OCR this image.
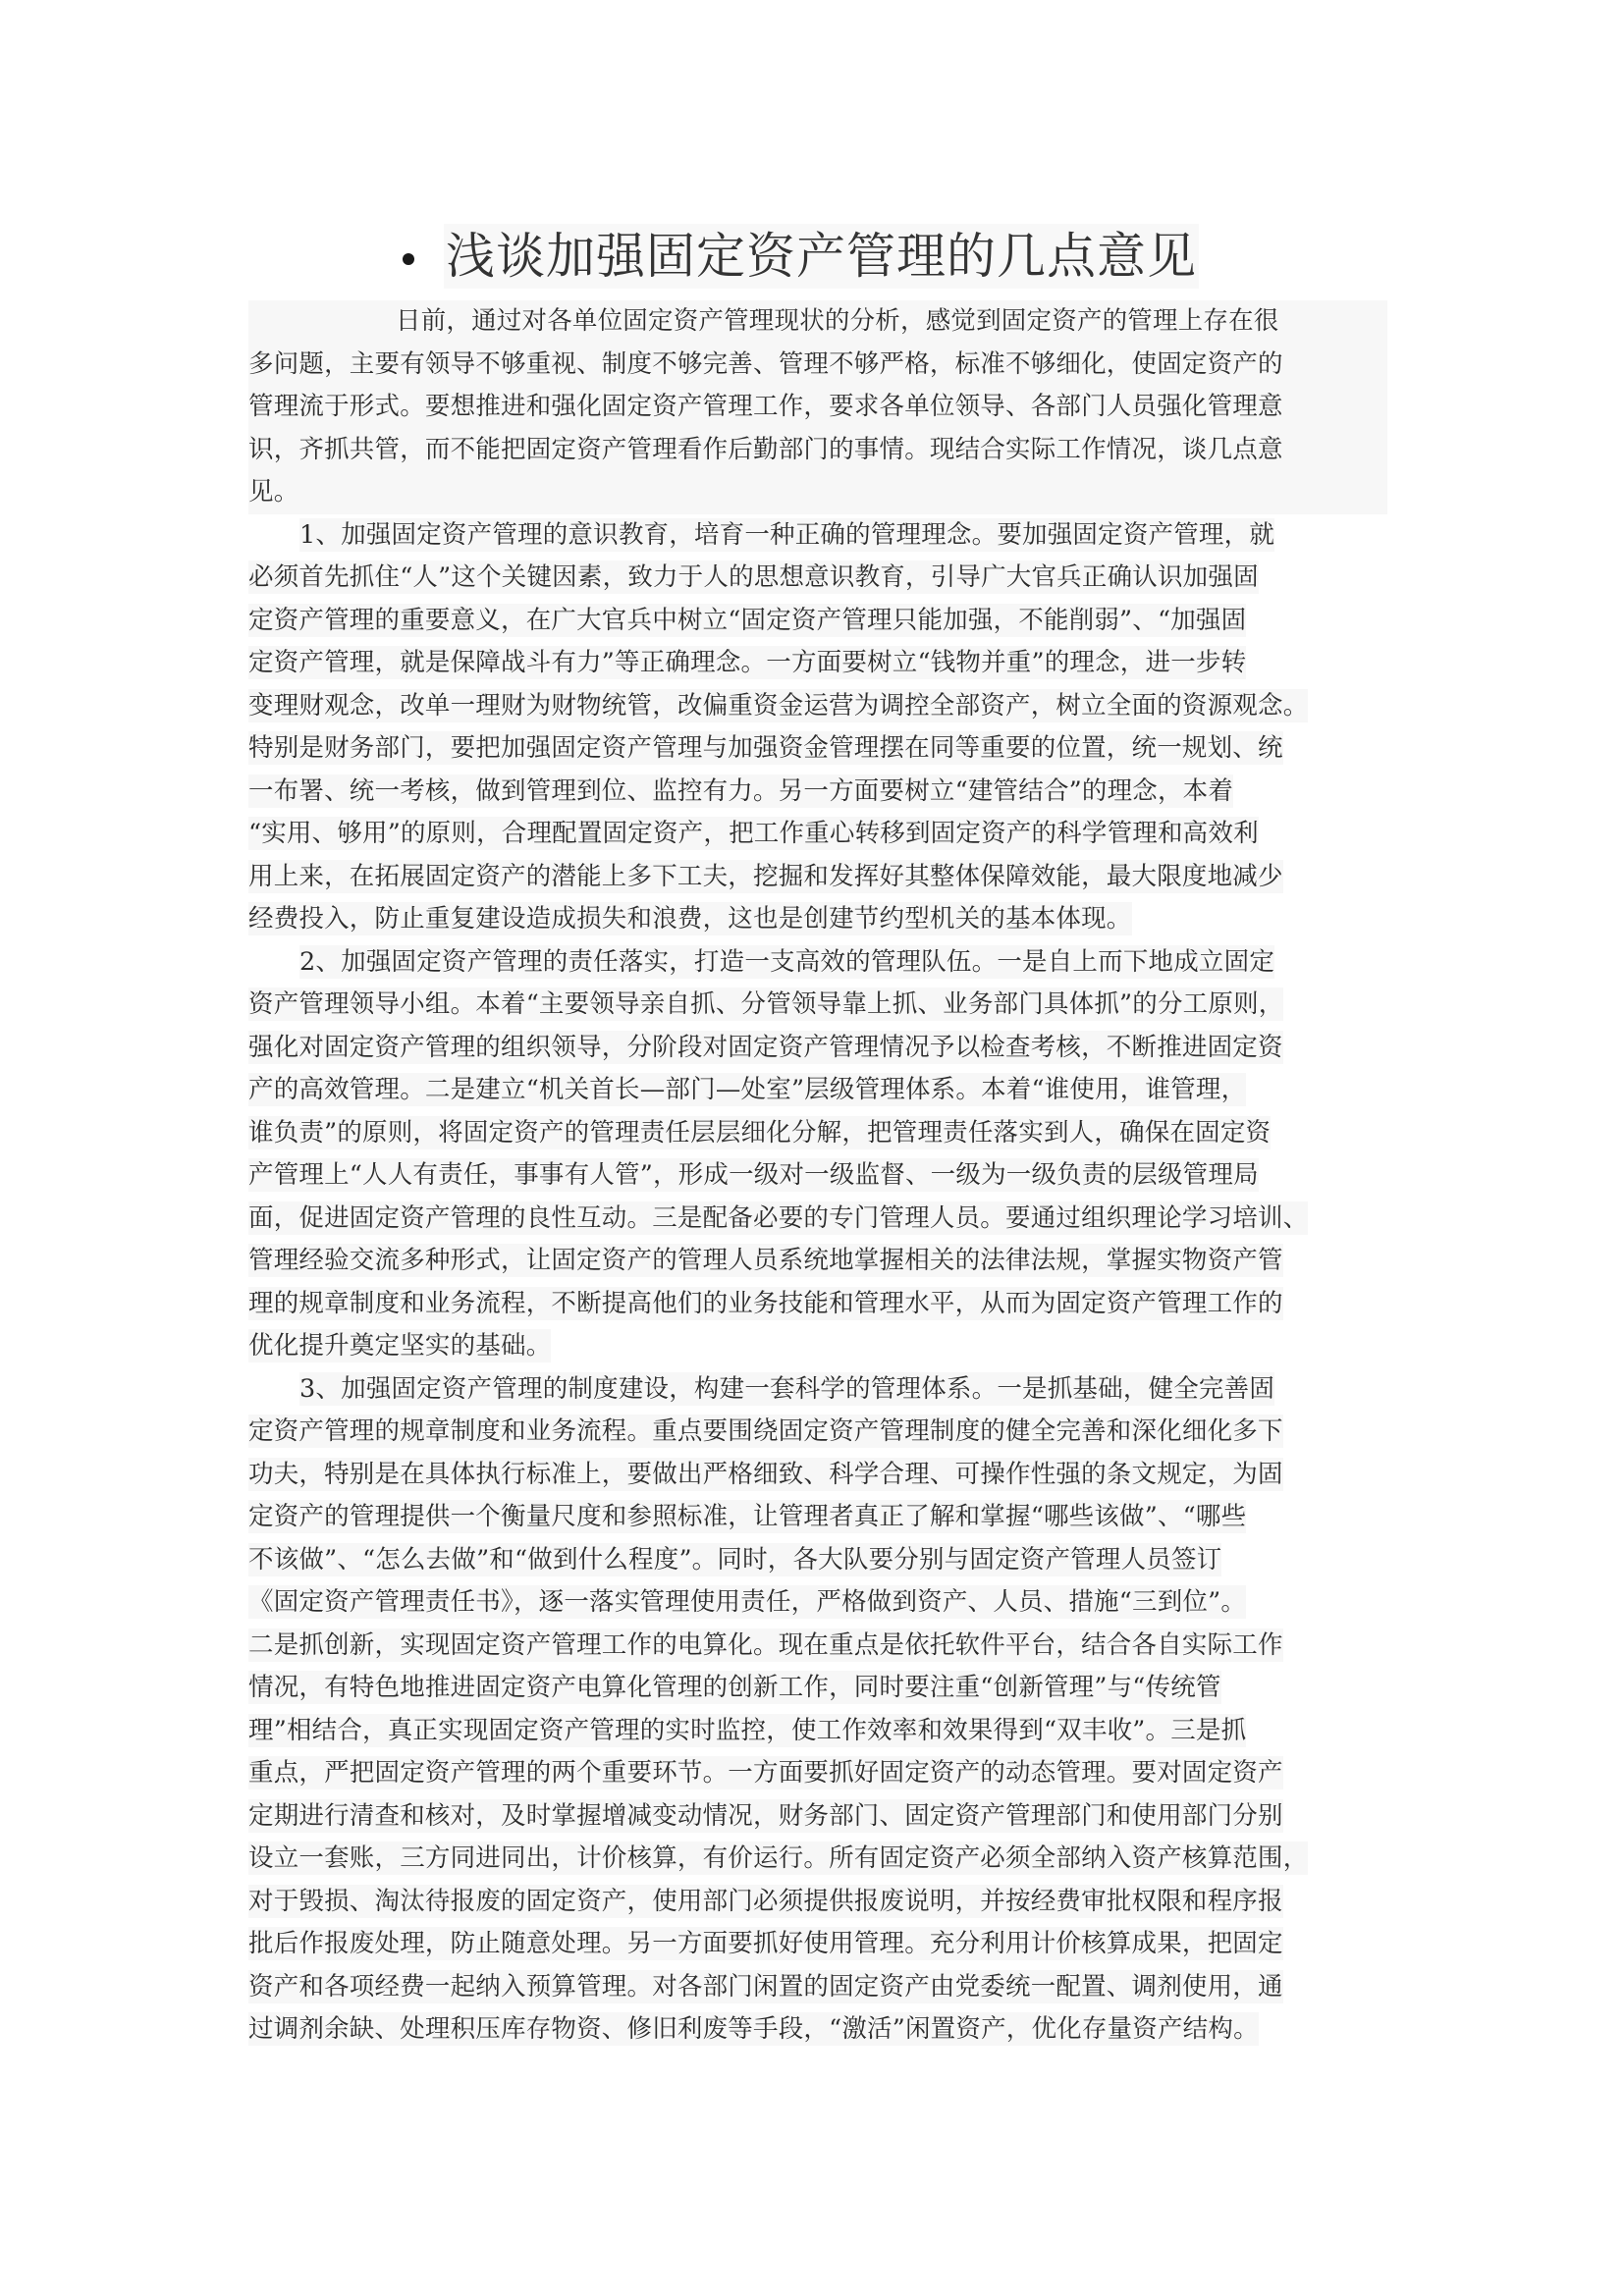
浅谈加强固定资产管理的几点意见
日前，通过对各单位固定资产管理现状的分析，感觉到固定资产的管理上存在很
多问题，主要有领导不够重视、制度不够完善、管理不够严格，标准不够细化，使固定资产的
管理流于形式。要想推进和强化固定资产管理工作，要求各单位领导、各部门人员强化管理意
识，齐抓共管，而不能把固定资产管理看作后勤部门的事情。现结合实际工作情况，谈几点意
见。
1、加强固定资产管理的意识教育，培育一种正确的管理理念。要加强固定资产管理，就
必须首先抓住“人”这个关键因素，致力于人的思想意识教育，引导广大官兵正确认识加强固
定资产管理的重要意义，在广大官兵中树立“固定资产管理只能加强，不能削弱”、“加强固
定资产管理，就是保障战斗有力”等正确理念。一方面要树立“钱物并重”的理念，进一步转
变理财观念，改单一理财为财物统管，改偏重资金运营为调控全部资产，树立全面的资源观念。
特别是财务部门，要把加强固定资产管理与加强资金管理摆在同等重要的位置，统一规划、统
一布署、统一考核，做到管理到位、监控有力。另一方面要树立“建管结合”的理念，本着
“实用、够用”的原则，合理配置固定资产，把工作重心转移到固定资产的科学管理和高效利
用上来，在拓展固定资产的潜能上多下工夫，挖掘和发挥好其整体保障效能，最大限度地减少
经费投入，防止重复建设造成损失和浪费，这也是创建节约型机关的基本体现。
2、加强固定资产管理的责任落实，打造一支高效的管理队伍。一是自上而下地成立固定
资产管理领导小组。本着“主要领导亲自抓、分管领导靠上抓、业务部门具体抓”的分工原则，
强化对固定资产管理的组织领导，分阶段对固定资产管理情况予以检查考核，不断推进固定资
产的高效管理。二是建立“机关首长—部门—处室”层级管理体系。本着“谁使用，谁管理，
谁负责”的原则，将固定资产的管理责任层层细化分解，把管理责任落实到人，确保在固定资
产管理上“人人有责任，事事有人管”，形成一级对一级监督、一级为一级负责的层级管理局
面，促进固定资产管理的良性互动。三是配备必要的专门管理人员。要通过组织理论学习培训、
管理经验交流多种形式，让固定资产的管理人员系统地掌握相关的法律法规，掌握实物资产管
理的规章制度和业务流程，不断提高他们的业务技能和管理水平，从而为固定资产管理工作的
优化提升奠定坚实的基础。
3、加强固定资产管理的制度建设，构建一套科学的管理体系。一是抓基础，健全完善固
定资产管理的规章制度和业务流程。重点要围绕固定资产管理制度的健全完善和深化细化多下
功夫，特别是在具体执行标准上，要做出严格细致、科学合理、可操作性强的条文规定，为固
定资产的管理提供一个衡量尺度和参照标准，让管理者真正了解和掌握“哪些该做”、“哪些
不该做”、“怎么去做”和“做到什么程度”。同时，各大队要分别与固定资产管理人员签订
《固定资产管理责任书》，逐一落实管理使用责任，严格做到资产、人员、措施“三到位”。
二是抓创新，实现固定资产管理工作的电算化。现在重点是依托软件平台，结合各自实际工作
情况，有特色地推进固定资产电算化管理的创新工作，同时要注重“创新管理”与“传统管
理”相结合，真正实现固定资产管理的实时监控，使工作效率和效果得到“双丰收”。三是抓
重点，严把固定资产管理的两个重要环节。一方面要抓好固定资产的动态管理。要对固定资产
定期进行清查和核对，及时掌握增减变动情况，财务部门、固定资产管理部门和使用部门分别
设立一套账，三方同进同出，计价核算，有价运行。所有固定资产必须全部纳入资产核算范围，
对于毁损、淘汰待报废的固定资产，使用部门必须提供报废说明，并按经费审批权限和程序报
批后作报废处理，防止随意处理。另一方面要抓好使用管理。充分利用计价核算成果，把固定
资产和各项经费一起纳入预算管理。对各部门闲置的固定资产由党委统一配置、调剂使用，通
过调剂余缺、处理积压库存物资、修旧利废等手段，“激活”闲置资产，优化存量资产结构。
